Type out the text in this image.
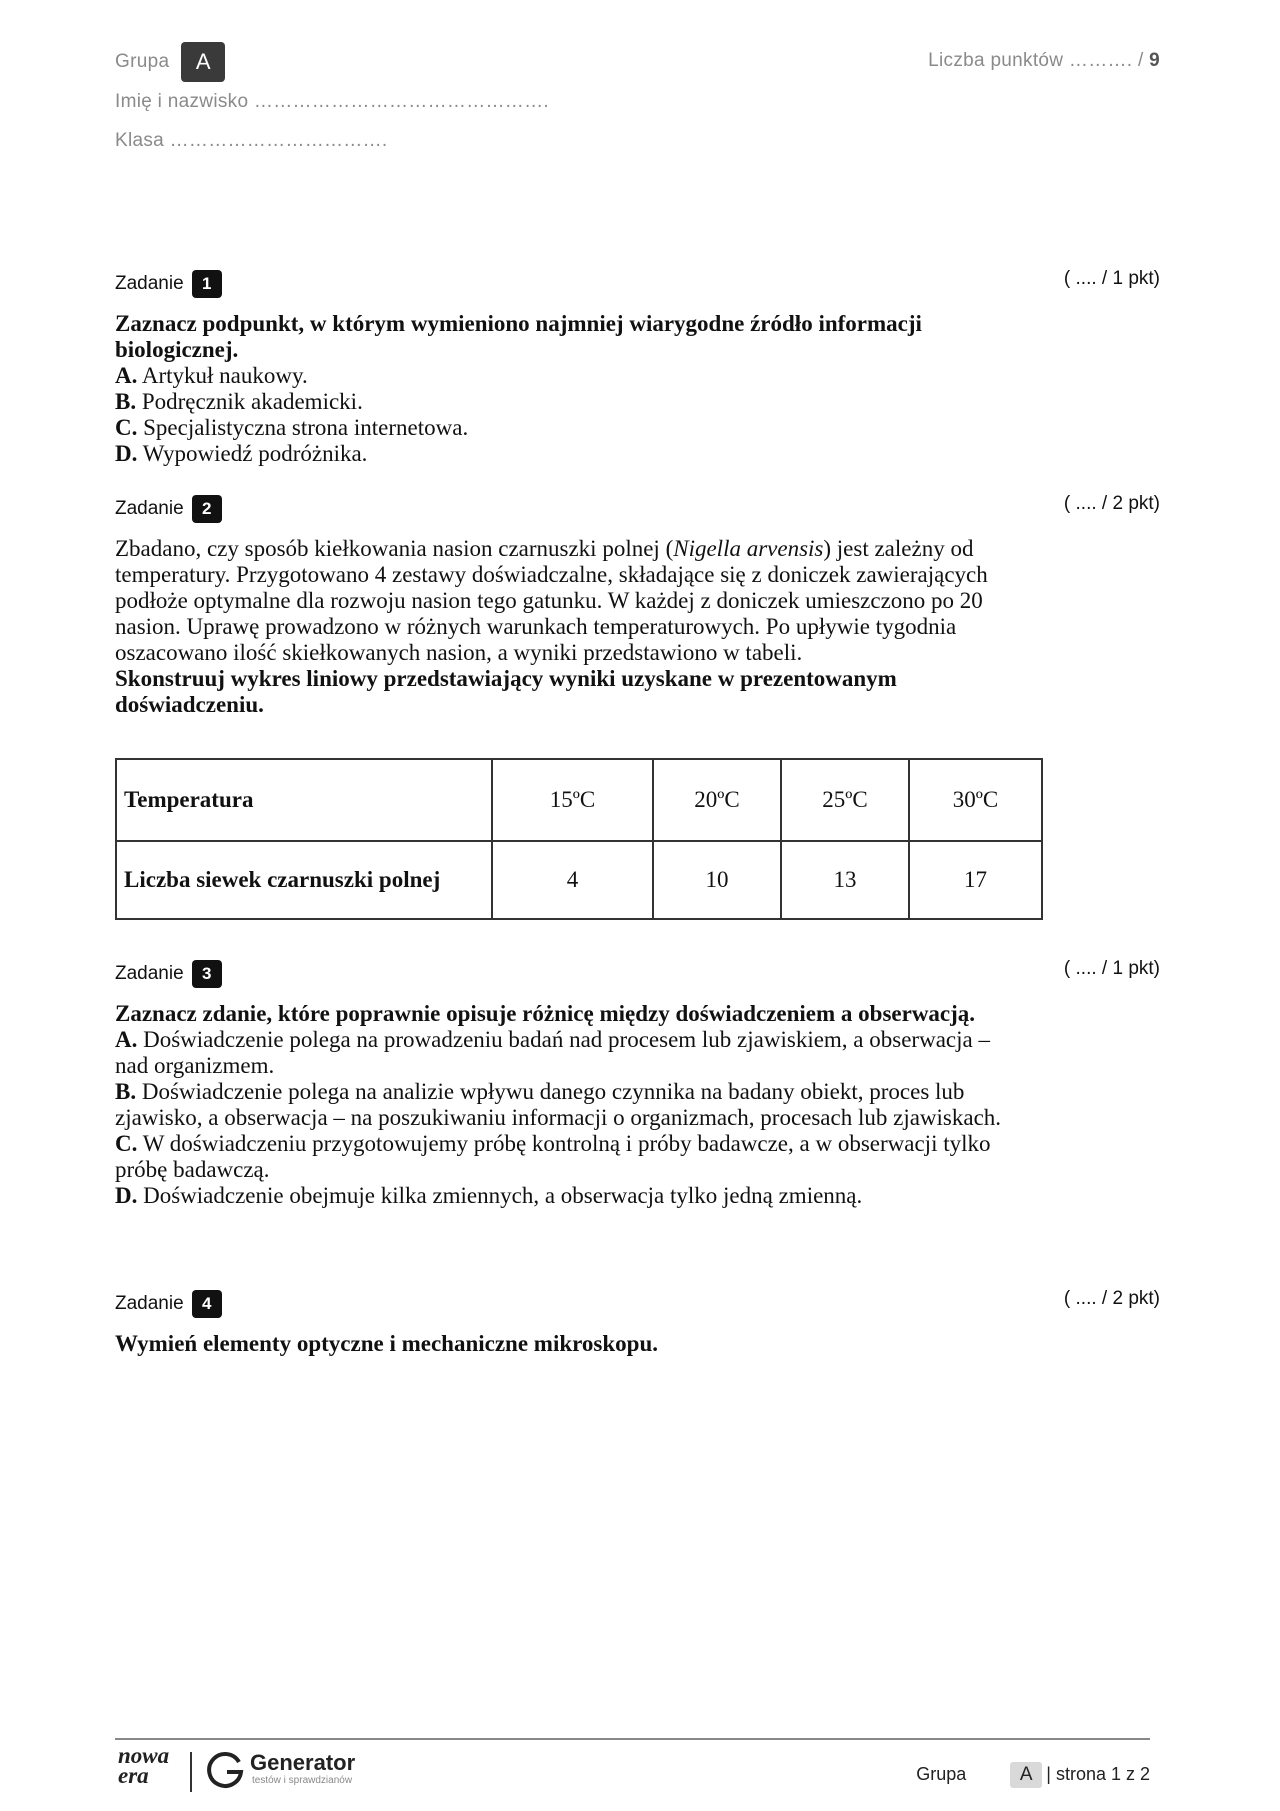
Grupa A	Liczba punktów ………. / 9
Imię i nazwisko ……………………………………….
Klasa …………………………….
Zadanie 1	( .... / 1 pkt)

Zaznacz podpunkt, w którym wymieniono najmniej wiarygodne źródło informacji biologicznej.

A. Artykuł naukowy.

B. Podręcznik akademicki.

C. Specjalistyczna strona internetowa.

D. Wypowiedź podróżnika.

Zadanie 2	( .... / 2 pkt)

Zbadano, czy sposób kiełkowania nasion czarnuszki polnej (Nigella arvensis) jest zależny od temperatury. Przygotowano 4 zestawy doświadczalne, składające się z doniczek zawierających podłoże optymalne dla rozwoju nasion tego gatunku. W każdej z doniczek umieszczono po 20 nasion. Uprawę prowadzono w różnych warunkach temperaturowych. Po upływie tygodnia oszacowano ilość skiełkowanych nasion, a wyniki przedstawiono w tabeli.

Skonstruuj wykres liniowy przedstawiający wyniki uzyskane w prezentowanym doświadczeniu.

Temperatura	15ºC	20ºC	25ºC	30ºC
Liczba siewek czarnuszki polnej	4	10	13	17
Zadanie 3	( .... / 1 pkt)

Zaznacz zdanie, które poprawnie opisuje różnicę między doświadczeniem a obserwacją.

A. Doświadczenie polega na prowadzeniu badań nad procesem lub zjawiskiem, a obserwacja – nad organizmem.

B. Doświadczenie polega na analizie wpływu danego czynnika na badany obiekt, proces lub zjawisko, a obserwacja – na poszukiwaniu informacji o organizmach, procesach lub zjawiskach.

C. W doświadczeniu przygotowujemy próbę kontrolną i próby badawcze, a w obserwacji tylko próbę badawczą.

D. Doświadczenie obejmuje kilka zmiennych, a obserwacja tylko jedną zmienną.

Zadanie 4	( .... / 2 pkt)

Wymień elementy optyczne i mechaniczne mikroskopu.

nowa
era
Generator
testów i sprawdzianów	Grupa	A | strona 1 z 2
